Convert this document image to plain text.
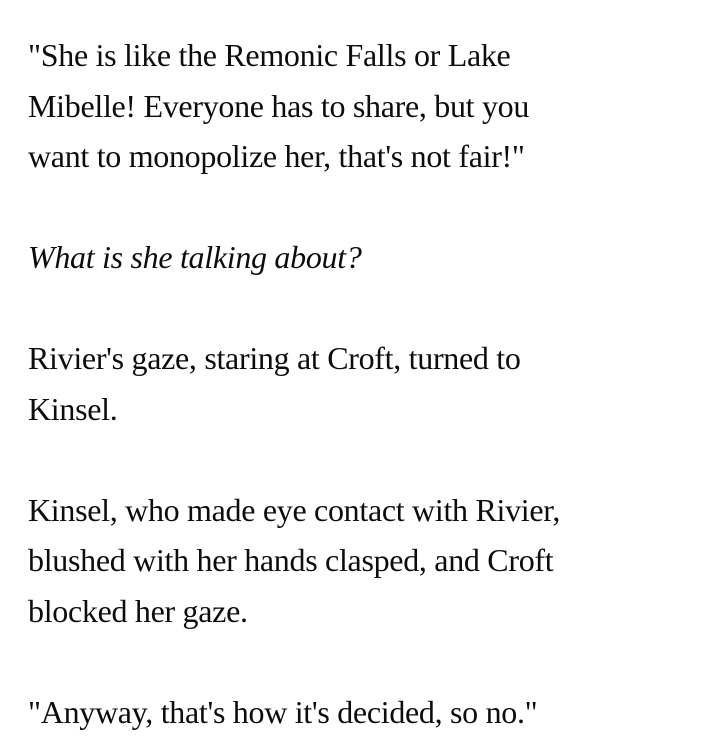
"She is like the Remonic Falls or Lake
Mibelle! Everyone has to share, but you
want to monopolize her, that's not fair!"

What is she talking about?

Rivier's gaze, staring at Croft, turned to
Kinsel.

Kinsel, who made eye contact with Rivier,
blushed with her hands clasped, and Croft
blocked her gaze.

"Anyway, that's how it's decided, so no."
